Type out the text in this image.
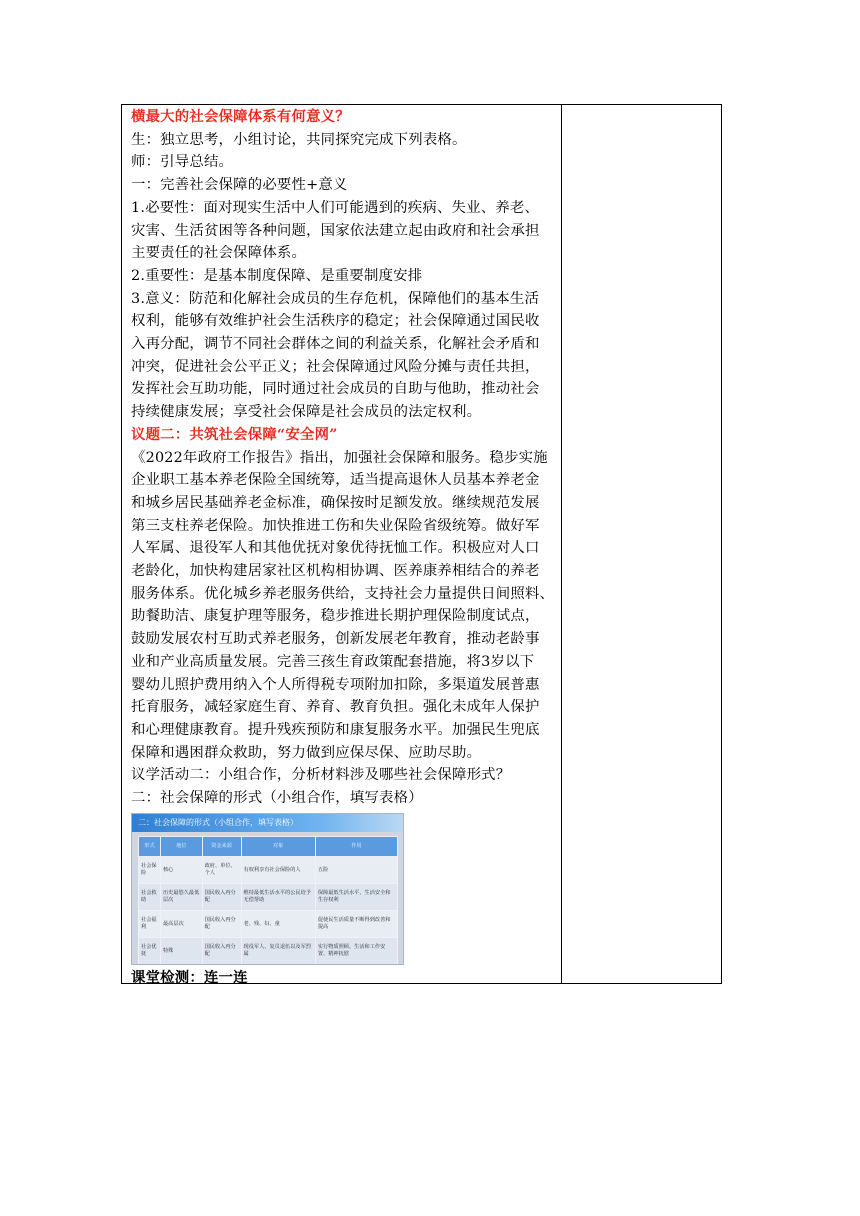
横最大的社会保障体系有何意义？
生：独立思考，小组讨论，共同探究完成下列表格。
师：引导总结。
一：完善社会保障的必要性+意义
1.必要性：面对现实生活中人们可能遇到的疾病、失业、养老、
灾害、生活贫困等各种问题，国家依法建立起由政府和社会承担
主要责任的社会保障体系。
2.重要性：是基本制度保障、是重要制度安排
3.意义：防范和化解社会成员的生存危机，保障他们的基本生活
权利，能够有效维护社会生活秩序的稳定；社会保障通过国民收
入再分配，调节不同社会群体之间的利益关系，化解社会矛盾和
冲突，促进社会公平正义；社会保障通过风险分摊与责任共担，
发挥社会互助功能，同时通过社会成员的自助与他助，推动社会
持续健康发展；享受社会保障是社会成员的法定权利。
议题二：共筑社会保障“安全网”
《2022年政府工作报告》指出，加强社会保障和服务。稳步实施
企业职工基本养老保险全国统筹，适当提高退休人员基本养老金
和城乡居民基础养老金标准，确保按时足额发放。继续规范发展
第三支柱养老保险。加快推进工伤和失业保险省级统筹。做好军
人军属、退役军人和其他优抚对象优待抚恤工作。积极应对人口
老龄化，加快构建居家社区机构相协调、医养康养相结合的养老
服务体系。优化城乡养老服务供给，支持社会力量提供日间照料、
助餐助洁、康复护理等服务，稳步推进长期护理保险制度试点，
鼓励发展农村互助式养老服务，创新发展老年教育，推动老龄事
业和产业高质量发展。完善三孩生育政策配套措施，将3岁以下
婴幼儿照护费用纳入个人所得税专项附加扣除，多渠道发展普惠
托育服务，减轻家庭生育、养育、教育负担。强化未成年人保护
和心理健康教育。提升残疾预防和康复服务水平。加强民生兜底
保障和遇困群众救助，努力做到应保尽保、应助尽助。
议学活动二：小组合作，分析材料涉及哪些社会保障形式？
二：社会保障的形式（小组合作，填写表格）
二：社会保障的形式（小组合作，填写表格）
形式	地位	资金来源	对象	作用
社会保险	核心	政府、单位、个人	有权利享有社会保险的人	五险
社会救助	历史最悠久最低层次	国民收入再分配	维持最低生活水平的公民给予无偿帮助	保障最低生活水平，生活安全和生存权利
社会福利	最高层次	国民收入再分配	老、残、妇、童	促使民生活质量不断得到改善和提高
社会优抚	特殊	国民收入再分配	现役军人、复员退伍以及军烈属	实行物质照顾、生活和工作安置、精神抚慰
课堂检测：连一连
